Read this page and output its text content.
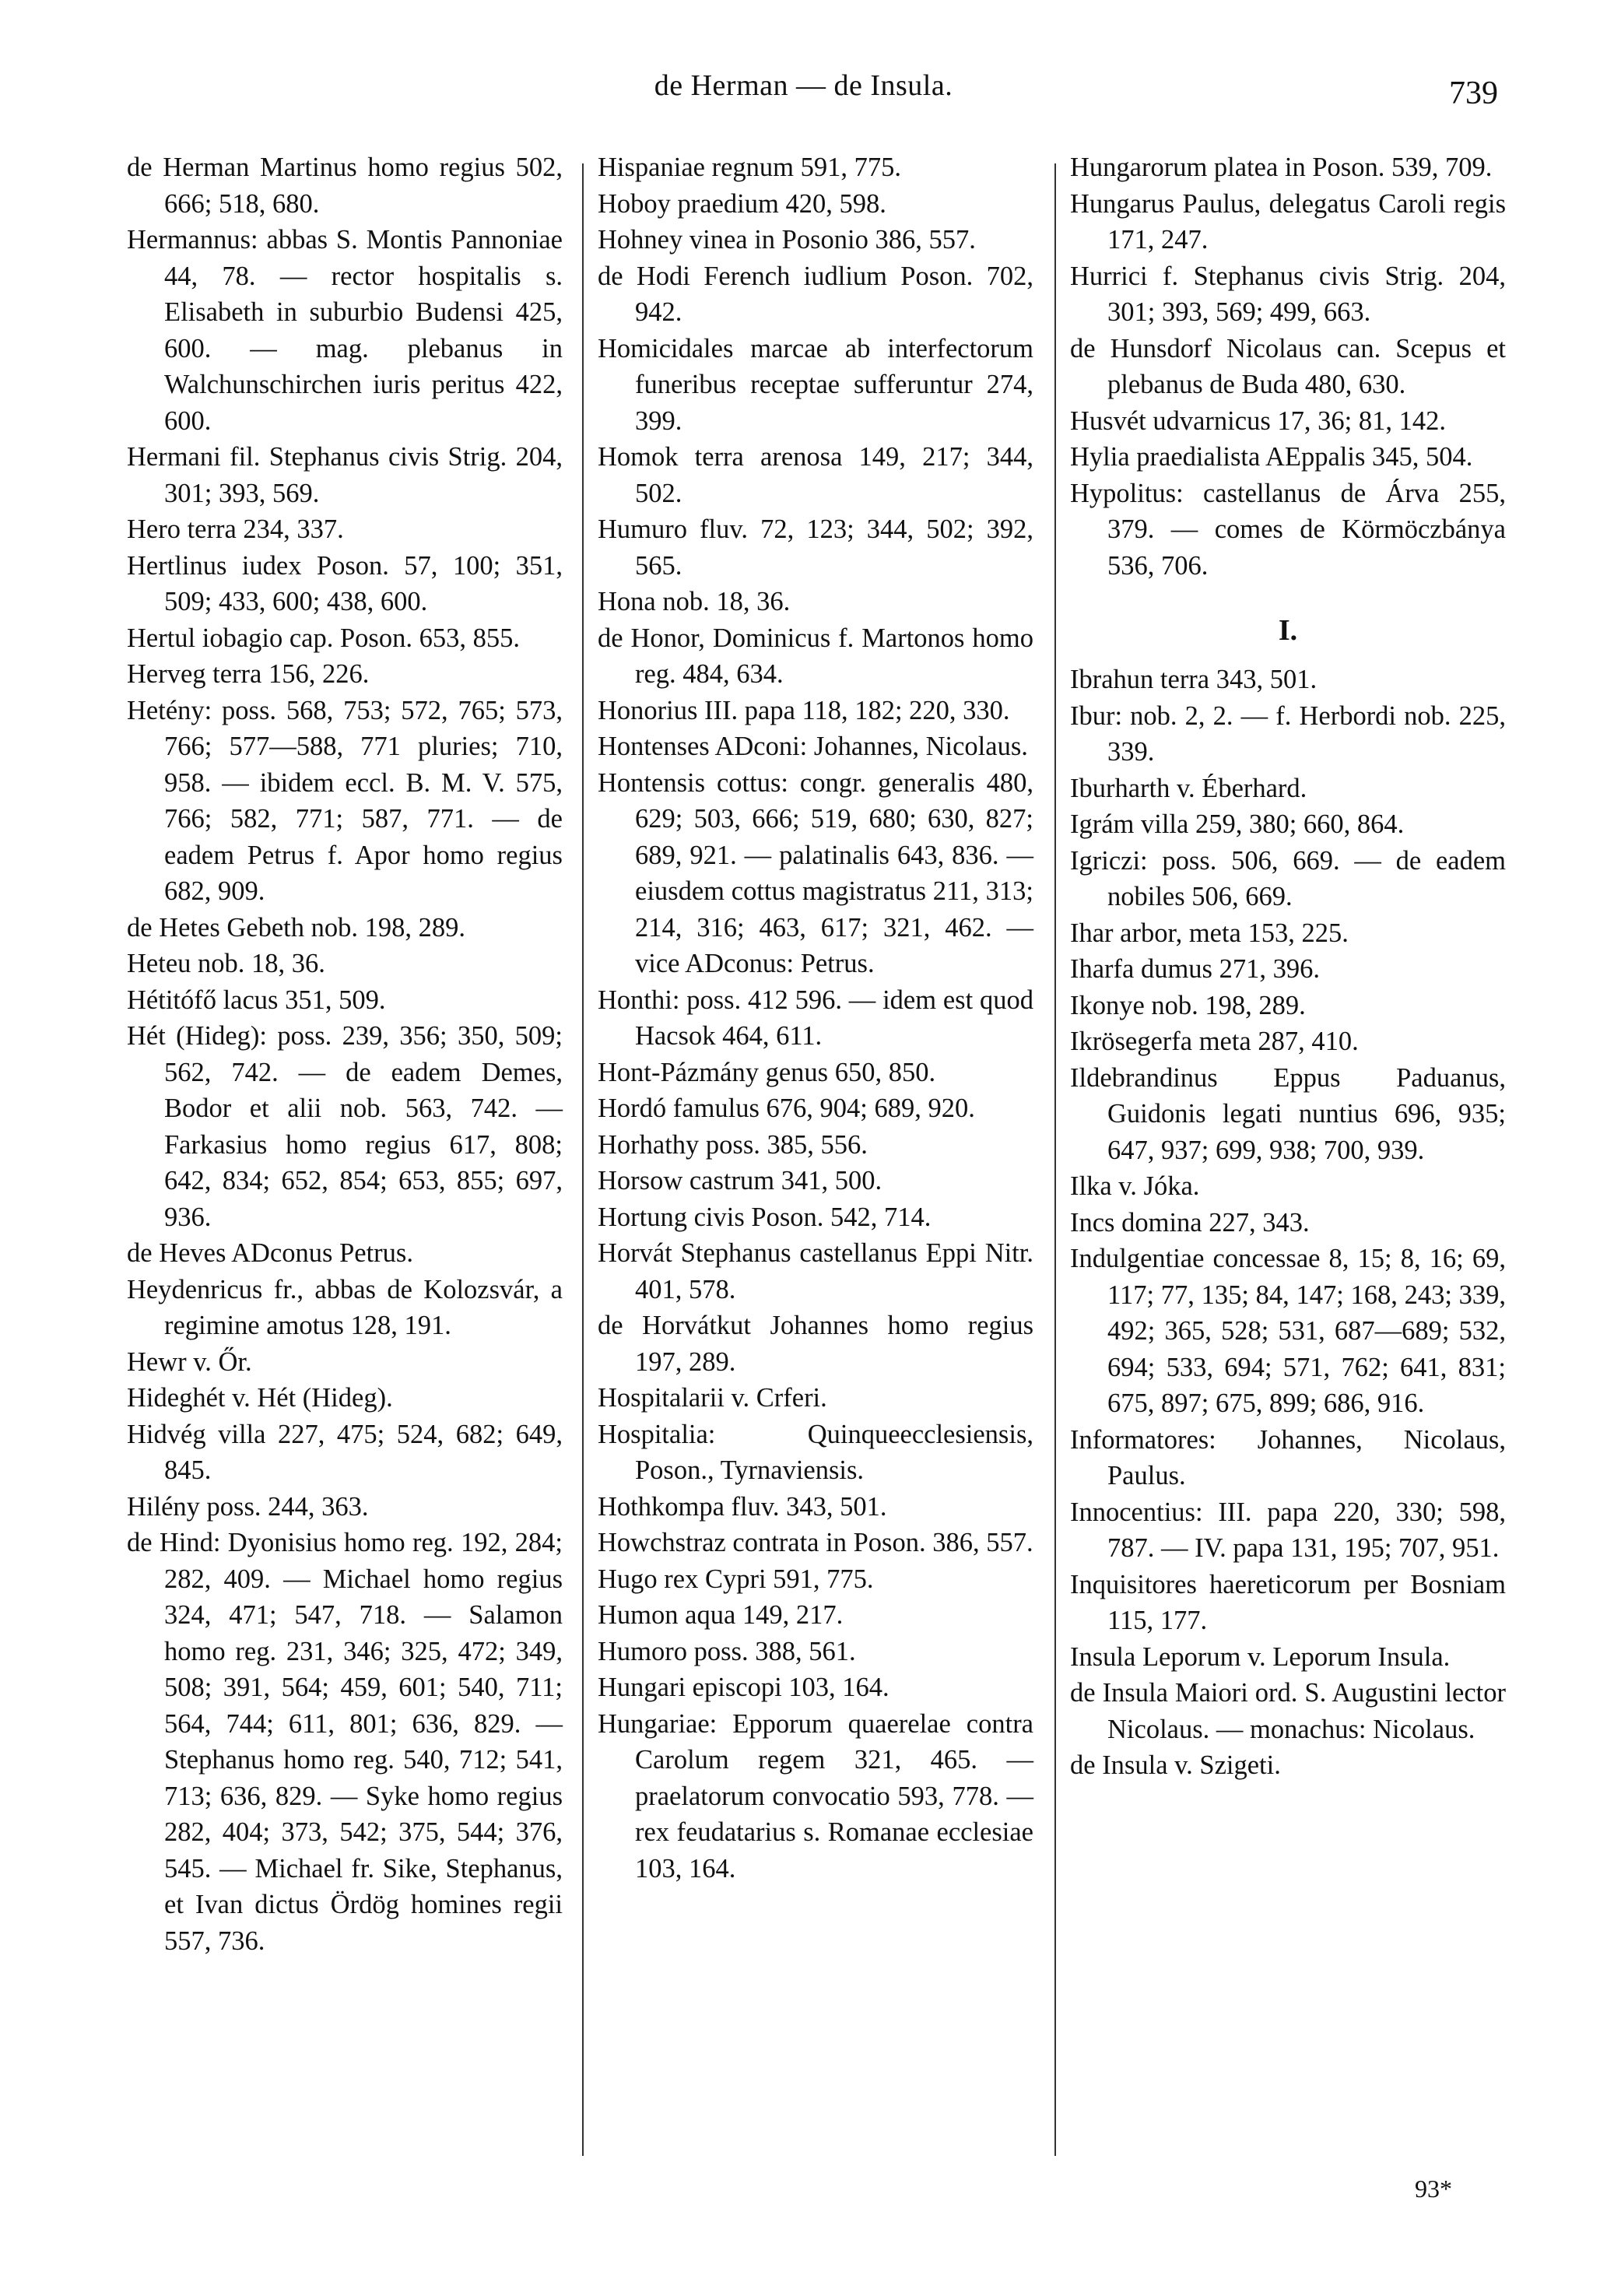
de Herman — de Insula.	739
de Herman Martinus homo regius 502, 666; 518, 680.
Hermannus: abbas S. Montis Pannoniae 44, 78. — rector hospitalis s. Elisabeth in suburbio Budensi 425, 600. — mag. plebanus in Walchunschirchen iuris peritus 422, 600.
Hermani fil. Stephanus civis Strig. 204, 301; 393, 569.
Hero terra 234, 337.
Hertlinus iudex Poson. 57, 100; 351, 509; 433, 600; 438, 600.
Hertul iobagio cap. Poson. 653, 855.
Herveg terra 156, 226.
Hetény: poss. 568, 753; 572, 765; 573, 766; 577—588, 771 pluries; 710, 958. — ibidem eccl. B. M. V. 575, 766; 582, 771; 587, 771. — de eadem Petrus f. Apor homo regius 682, 909.
de Hetes Gebeth nob. 198, 289.
Heteu nob. 18, 36.
Hétitófő lacus 351, 509.
Hét (Hideg): poss. 239, 356; 350, 509; 562, 742. — de eadem Demes, Bodor et alii nob. 563, 742. — Farkasius homo regius 617, 808; 642, 834; 652, 854; 653, 855; 697, 936.
de Heves ADconus Petrus.
Heydenricus fr., abbas de Kolozsvár, a regimine amotus 128, 191.
Hewr v. Őr.
Hideghét v. Hét (Hideg).
Hidvég villa 227, 475; 524, 682; 649, 845.
Hilény poss. 244, 363.
de Hind: Dyonisius homo reg. 192, 284; 282, 409. — Michael homo regius 324, 471; 547, 718. — Salamon homo reg. 231, 346; 325, 472; 349, 508; 391, 564; 459, 601; 540, 711; 564, 744; 611, 801; 636, 829. — Stephanus homo reg. 540, 712; 541, 713; 636, 829. — Syke homo regius 282, 404; 373, 542; 375, 544; 376, 545. — Michael fr. Sike, Stephanus, et Ivan dictus Ördög homines regii 557, 736.
Hispaniae regnum 591, 775.
Hoboy praedium 420, 598.
Hohney vinea in Posonio 386, 557.
de Hodi Ferench iudlium Poson. 702, 942.
Homicidales marcae ab interfectorum funeribus receptae sufferuntur 274, 399.
Homok terra arenosa 149, 217; 344, 502.
Humuro fluv. 72, 123; 344, 502; 392, 565.
Hona nob. 18, 36.
de Honor, Dominicus f. Martonos homo reg. 484, 634.
Honorius III. papa 118, 182; 220, 330.
Hontenses ADconi: Johannes, Nicolaus.
Hontensis cottus: congr. generalis 480, 629; 503, 666; 519, 680; 630, 827; 689, 921. — palatinalis 643, 836. — eiusdem cottus magistratus 211, 313; 214, 316; 463, 617; 321, 462. — vice ADconus: Petrus.
Honthi: poss. 412 596. — idem est quod Hacsok 464, 611.
Hont-Pázmány genus 650, 850.
Hordó famulus 676, 904; 689, 920.
Horhathy poss. 385, 556.
Horsow castrum 341, 500.
Hortung civis Poson. 542, 714.
Horvát Stephanus castellanus Eppi Nitr. 401, 578.
de Horvátkut Johannes homo regius 197, 289.
Hospitalarii v. Crferi.
Hospitalia: Quinqueecclesiensis, Poson., Tyrnaviensis.
Hothkompa fluv. 343, 501.
Howchstraz contrata in Poson. 386, 557.
Hugo rex Cypri 591, 775.
Humon aqua 149, 217.
Humoro poss. 388, 561.
Hungari episcopi 103, 164.
Hungariae: Epporum quaerelae contra Carolum regem 321, 465. — praelatorum convocatio 593, 778. — rex feudatarius s. Romanae ecclesiae 103, 164.
Hungarorum platea in Poson. 539, 709.
Hungarus Paulus, delegatus Caroli regis 171, 247.
Hurrici f. Stephanus civis Strig. 204, 301; 393, 569; 499, 663.
de Hunsdorf Nicolaus can. Scepus et plebanus de Buda 480, 630.
Husvét udvarnicus 17, 36; 81, 142.
Hylia praedialista AEppalis 345, 504.
Hypolitus: castellanus de Árva 255, 379. — comes de Körmöczbánya 536, 706.
I.
Ibrahun terra 343, 501.
Ibur: nob. 2, 2. — f. Herbordi nob. 225, 339.
Iburharth v. Éberhard.
Igrám villa 259, 380; 660, 864.
Igriczi: poss. 506, 669. — de eadem nobiles 506, 669.
Ihar arbor, meta 153, 225.
Iharfa dumus 271, 396.
Ikonye nob. 198, 289.
Ikrösegerfa meta 287, 410.
Ildebrandinus Eppus Paduanus, Guidonis legati nuntius 696, 935; 647, 937; 699, 938; 700, 939.
Ilka v. Jóka.
Incs domina 227, 343.
Indulgentiae concessae 8, 15; 8, 16; 69, 117; 77, 135; 84, 147; 168, 243; 339, 492; 365, 528; 531, 687—689; 532, 694; 533, 694; 571, 762; 641, 831; 675, 897; 675, 899; 686, 916.
Informatores: Johannes, Nicolaus, Paulus.
Innocentius: III. papa 220, 330; 598, 787. — IV. papa 131, 195; 707, 951.
Inquisitores haereticorum per Bosniam 115, 177.
Insula Leporum v. Leporum Insula.
de Insula Maiori ord. S. Augustini lector Nicolaus. — monachus: Nicolaus.
de Insula v. Szigeti.
93*
